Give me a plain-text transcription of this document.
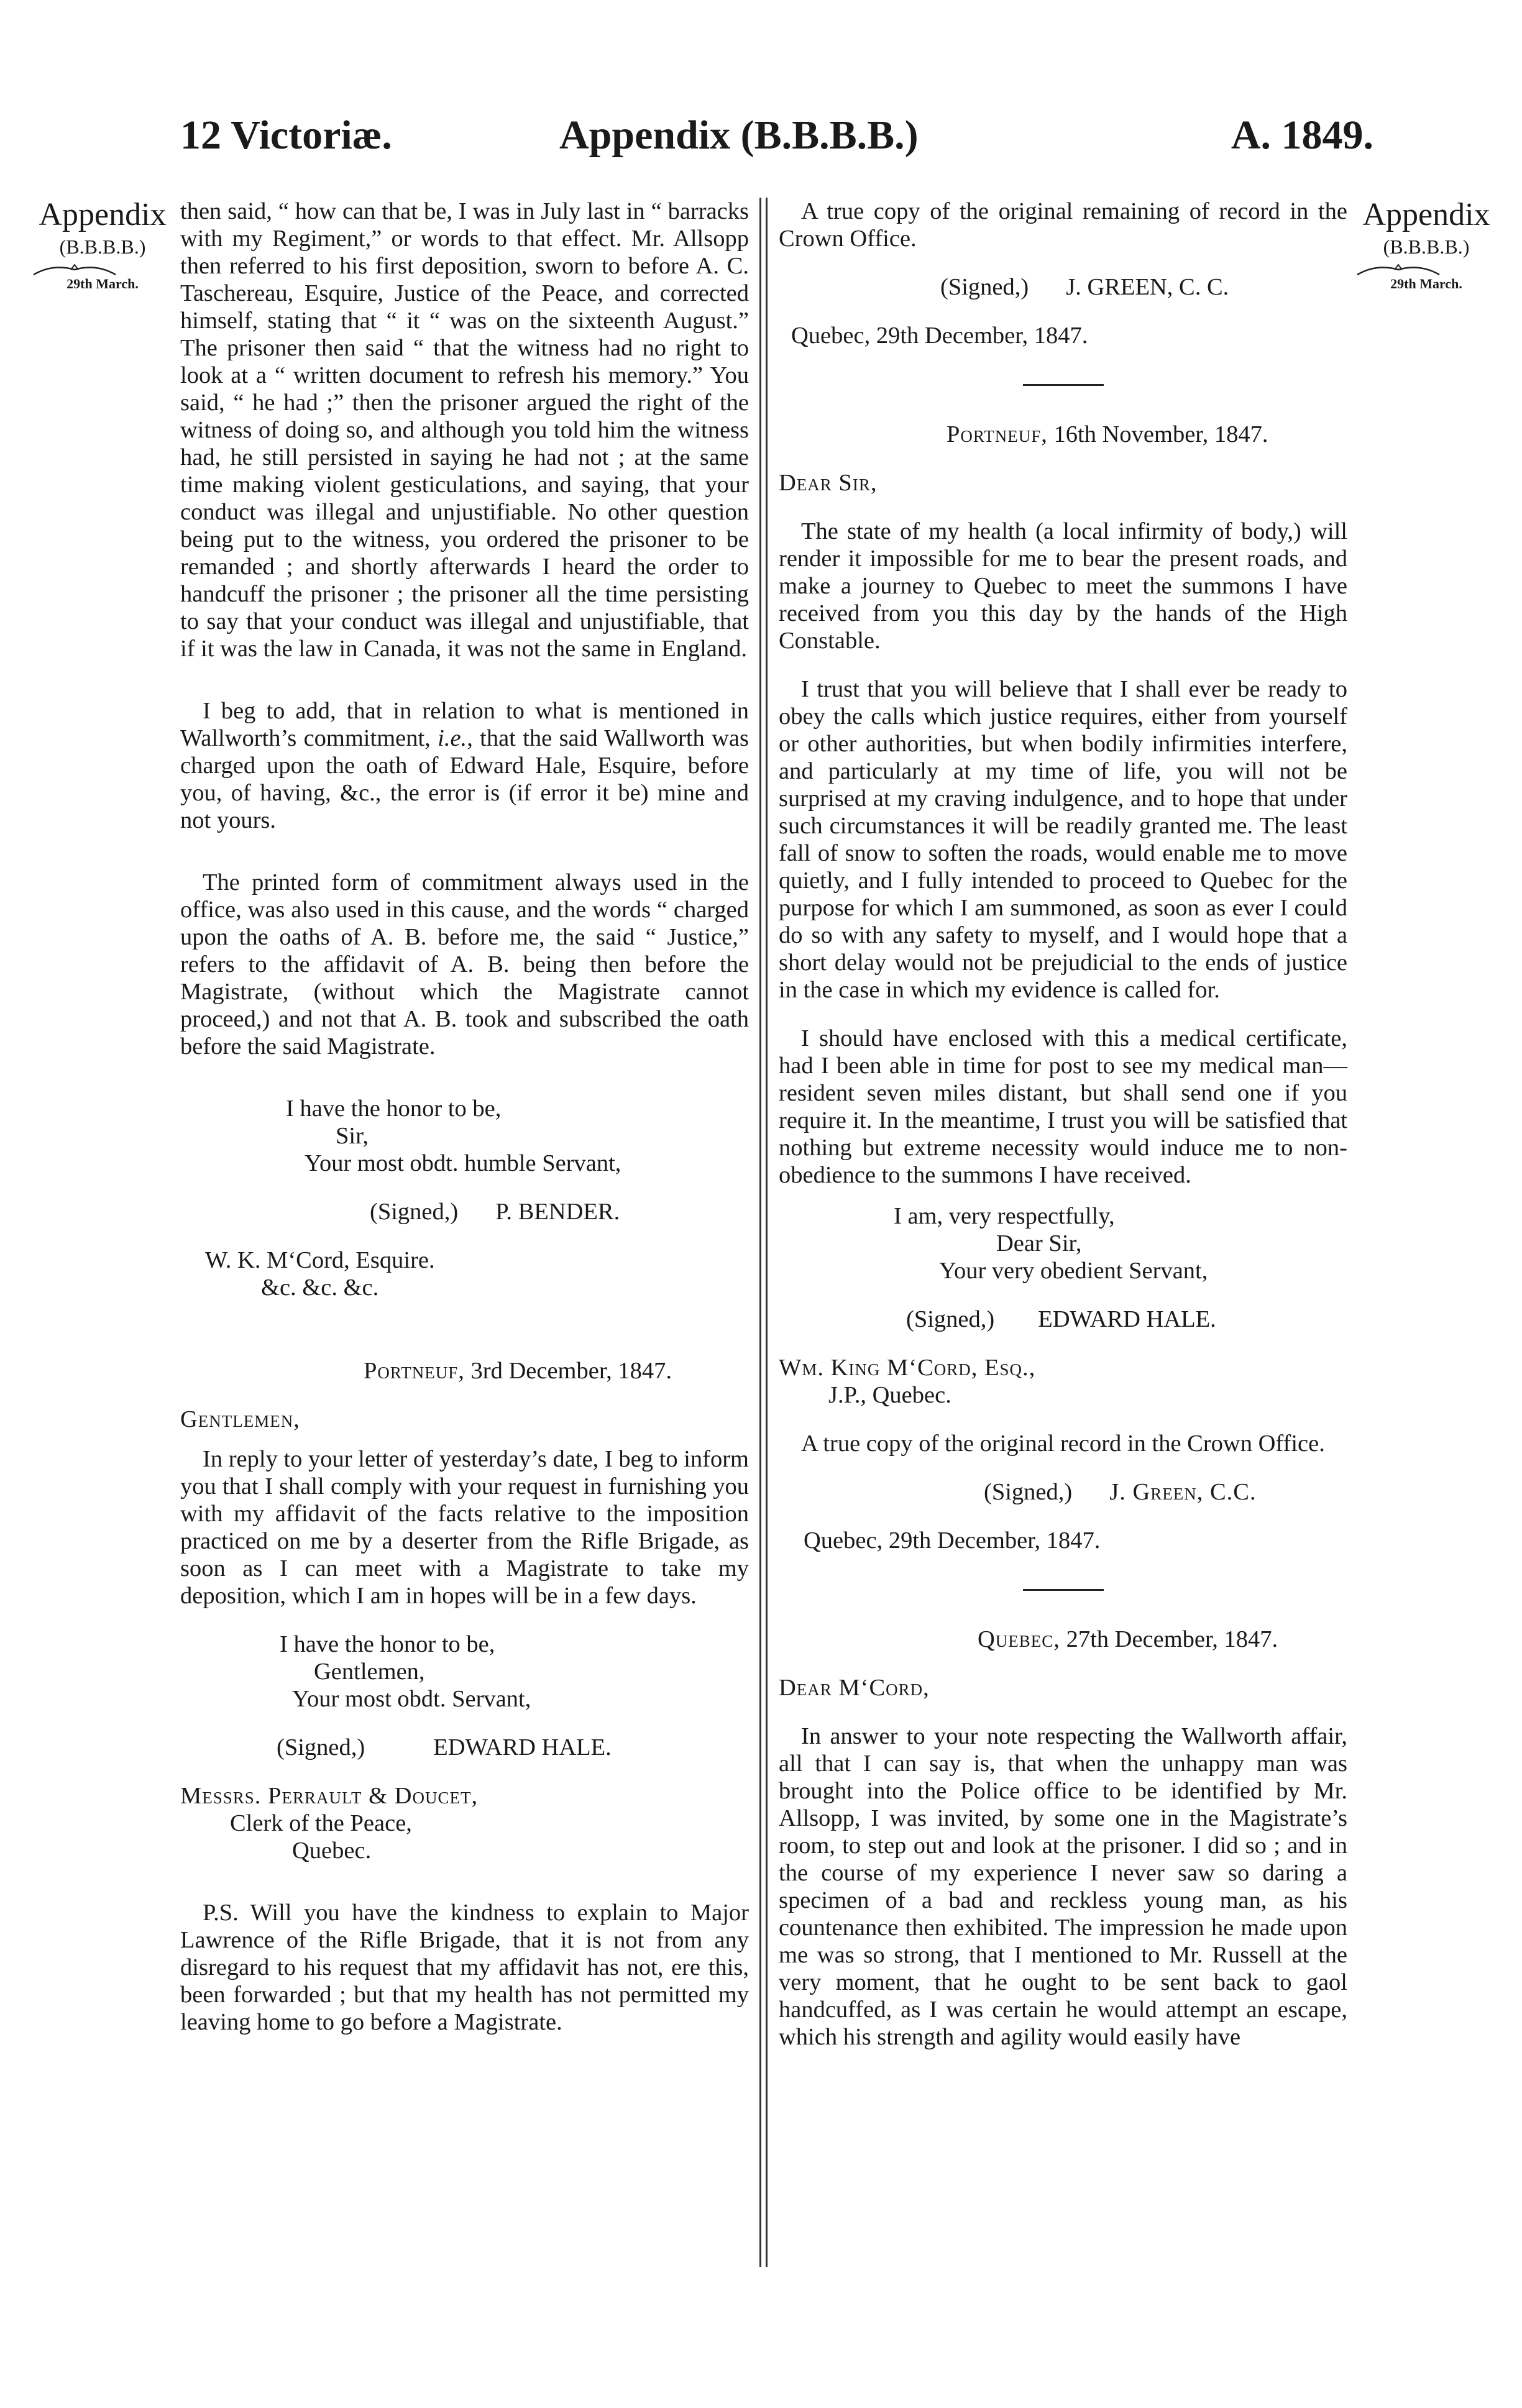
12 Victoriæ.	Appendix (B.B.B.B.)	A. 1849.
Appendix
(B.B.B.B.)
29th March.
Appendix
(B.B.B.B.)
29th March.

then said, “ how can that be, I was in July last in “ barracks with my Regiment,” or words to that effect. Mr. Allsopp then referred to his first deposition, sworn to before A. C. Taschereau, Esquire, Justice of the Peace, and corrected himself, stating that “ it “ was on the sixteenth August.” The prisoner then said “ that the witness had no right to look at a “ written document to refresh his memory.” You said, “ he had ;” then the prisoner argued the right of the witness of doing so, and although you told him the witness had, he still persisted in saying he had not ; at the same time making violent gesticulations, and saying, that your conduct was illegal and unjustifiable. No other question being put to the witness, you ordered the prisoner to be remanded ; and shortly afterwards I heard the order to handcuff the prisoner ; the prisoner all the time persisting to say that your conduct was illegal and unjustifiable, that if it was the law in Canada, it was not the same in England.

I beg to add, that in relation to what is mentioned in Wallworth’s commitment, i.e., that the said Wallworth was charged upon the oath of Edward Hale, Esquire, before you, of having, &c., the error is (if error it be) mine and not yours.

The printed form of commitment always used in the office, was also used in this cause, and the words “ charged upon the oaths of A. B. before me, the said “ Justice,” refers to the affidavit of A. B. being then before the Magistrate, (without which the Magistrate cannot proceed,) and not that A. B. took and subscribed the oath before the said Magistrate.

I have the honor to be,

Sir,

Your most obdt. humble Servant,

(Signed,) P. BENDER.

W. K. M‘Cord, Esquire.

&c. &c. &c.

Portneuf, 3rd December, 1847.

Gentlemen,

In reply to your letter of yesterday’s date, I beg to inform you that I shall comply with your request in furnishing you with my affidavit of the facts relative to the imposition practiced on me by a deserter from the Rifle Brigade, as soon as I can meet with a Magistrate to take my deposition, which I am in hopes will be in a few days.

I have the honor to be,

Gentlemen,

Your most obdt. Servant,

(Signed,)	EDWARD HALE.

Messrs. Perrault & Doucet,

Clerk of the Peace,

Quebec.

P.S. Will you have the kindness to explain to Major Lawrence of the Rifle Brigade, that it is not from any disregard to his request that my affidavit has not, ere this, been forwarded ; but that my health has not permitted my leaving home to go before a Magistrate.

A true copy of the original remaining of record in the Crown Office.

(Signed,) J. GREEN, C. C.

Quebec, 29th December, 1847.

Portneuf, 16th November, 1847.

Dear Sir,

The state of my health (a local infirmity of body,) will render it impossible for me to bear the present roads, and make a journey to Quebec to meet the summons I have received from you this day by the hands of the High Constable.

I trust that you will believe that I shall ever be ready to obey the calls which justice requires, either from yourself or other authorities, but when bodily infirmities interfere, and particularly at my time of life, you will not be surprised at my craving indulgence, and to hope that under such circumstances it will be readily granted me. The least fall of snow to soften the roads, would enable me to move quietly, and I fully intended to proceed to Quebec for the purpose for which I am summoned, as soon as ever I could do so with any safety to myself, and I would hope that a short delay would not be prejudicial to the ends of justice in the case in which my evidence is called for.

I should have enclosed with this a medical certificate, had I been able in time for post to see my medical man—resident seven miles distant, but shall send one if you require it. In the meantime, I trust you will be satisfied that nothing but extreme necessity would induce me to non-obedience to the summons I have received.

I am, very respectfully,

Dear Sir,

Your very obedient Servant,

(Signed,) EDWARD HALE.

Wm. King M‘Cord, Esq.,

J.P., Quebec.

A true copy of the original record in the Crown Office.

(Signed,) J. Green, C.C.

Quebec, 29th December, 1847.

Quebec, 27th December, 1847.

Dear M‘Cord,

In answer to your note respecting the Wallworth affair, all that I can say is, that when the unhappy man was brought into the Police office to be identified by Mr. Allsopp, I was invited, by some one in the Magistrate’s room, to step out and look at the prisoner. I did so ; and in the course of my experience I never saw so daring a specimen of a bad and reckless young man, as his countenance then exhibited. The impression he made upon me was so strong, that I mentioned to Mr. Russell at the very moment, that he ought to be sent back to gaol handcuffed, as I was certain he would attempt an escape, which his strength and agility would easily have
